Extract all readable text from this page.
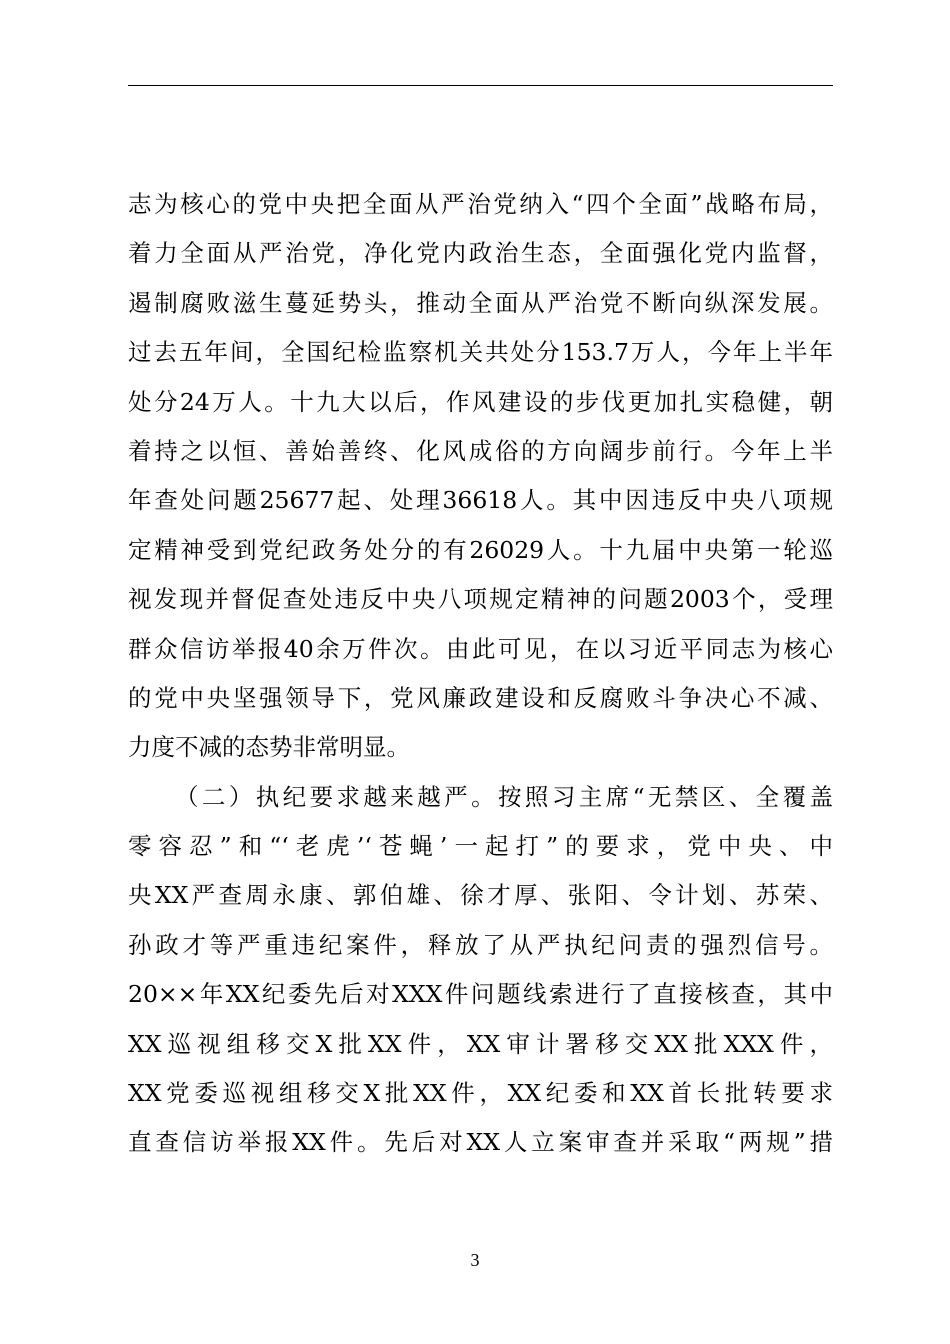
志为核心的党中央把全面从严治党纳入“四个全面”战略布局，
着力全面从严治党，净化党内政治生态，全面强化党内监督，
遏制腐败滋生蔓延势头，推动全面从严治党不断向纵深发展。
过去五年间，全国纪检监察机关共处分153.7万人，今年上半年
处分24万人。十九大以后，作风建设的步伐更加扎实稳健，朝
着持之以恒、善始善终、化风成俗的方向阔步前行。今年上半
年查处问题25677起、处理36618人。其中因违反中央八项规
定精神受到党纪政务处分的有26029人。十九届中央第一轮巡
视发现并督促查处违反中央八项规定精神的问题2003个，受理
群众信访举报40余万件次。由此可见，在以习近平同志为核心
的党中央坚强领导下，党风廉政建设和反腐败斗争决心不减、
力度不减的态势非常明显。
（二）执纪要求越来越严。按照习主席“无禁区、全覆盖
零容忍”和“‘老虎’‘苍蝇’一起打”的要求，党中央、中
央XX严查周永康、郭伯雄、徐才厚、张阳、令计划、苏荣、
孙政才等严重违纪案件，释放了从严执纪问责的强烈信号。
20××年XX纪委先后对XXX件问题线索进行了直接核查，其中
XX巡视组移交X批XX件，XX审计署移交XX批XXX件，
XX党委巡视组移交X批XX件，XX纪委和XX首长批转要求
直查信访举报XX件。先后对XX人立案审查并采取“两规”措
3
